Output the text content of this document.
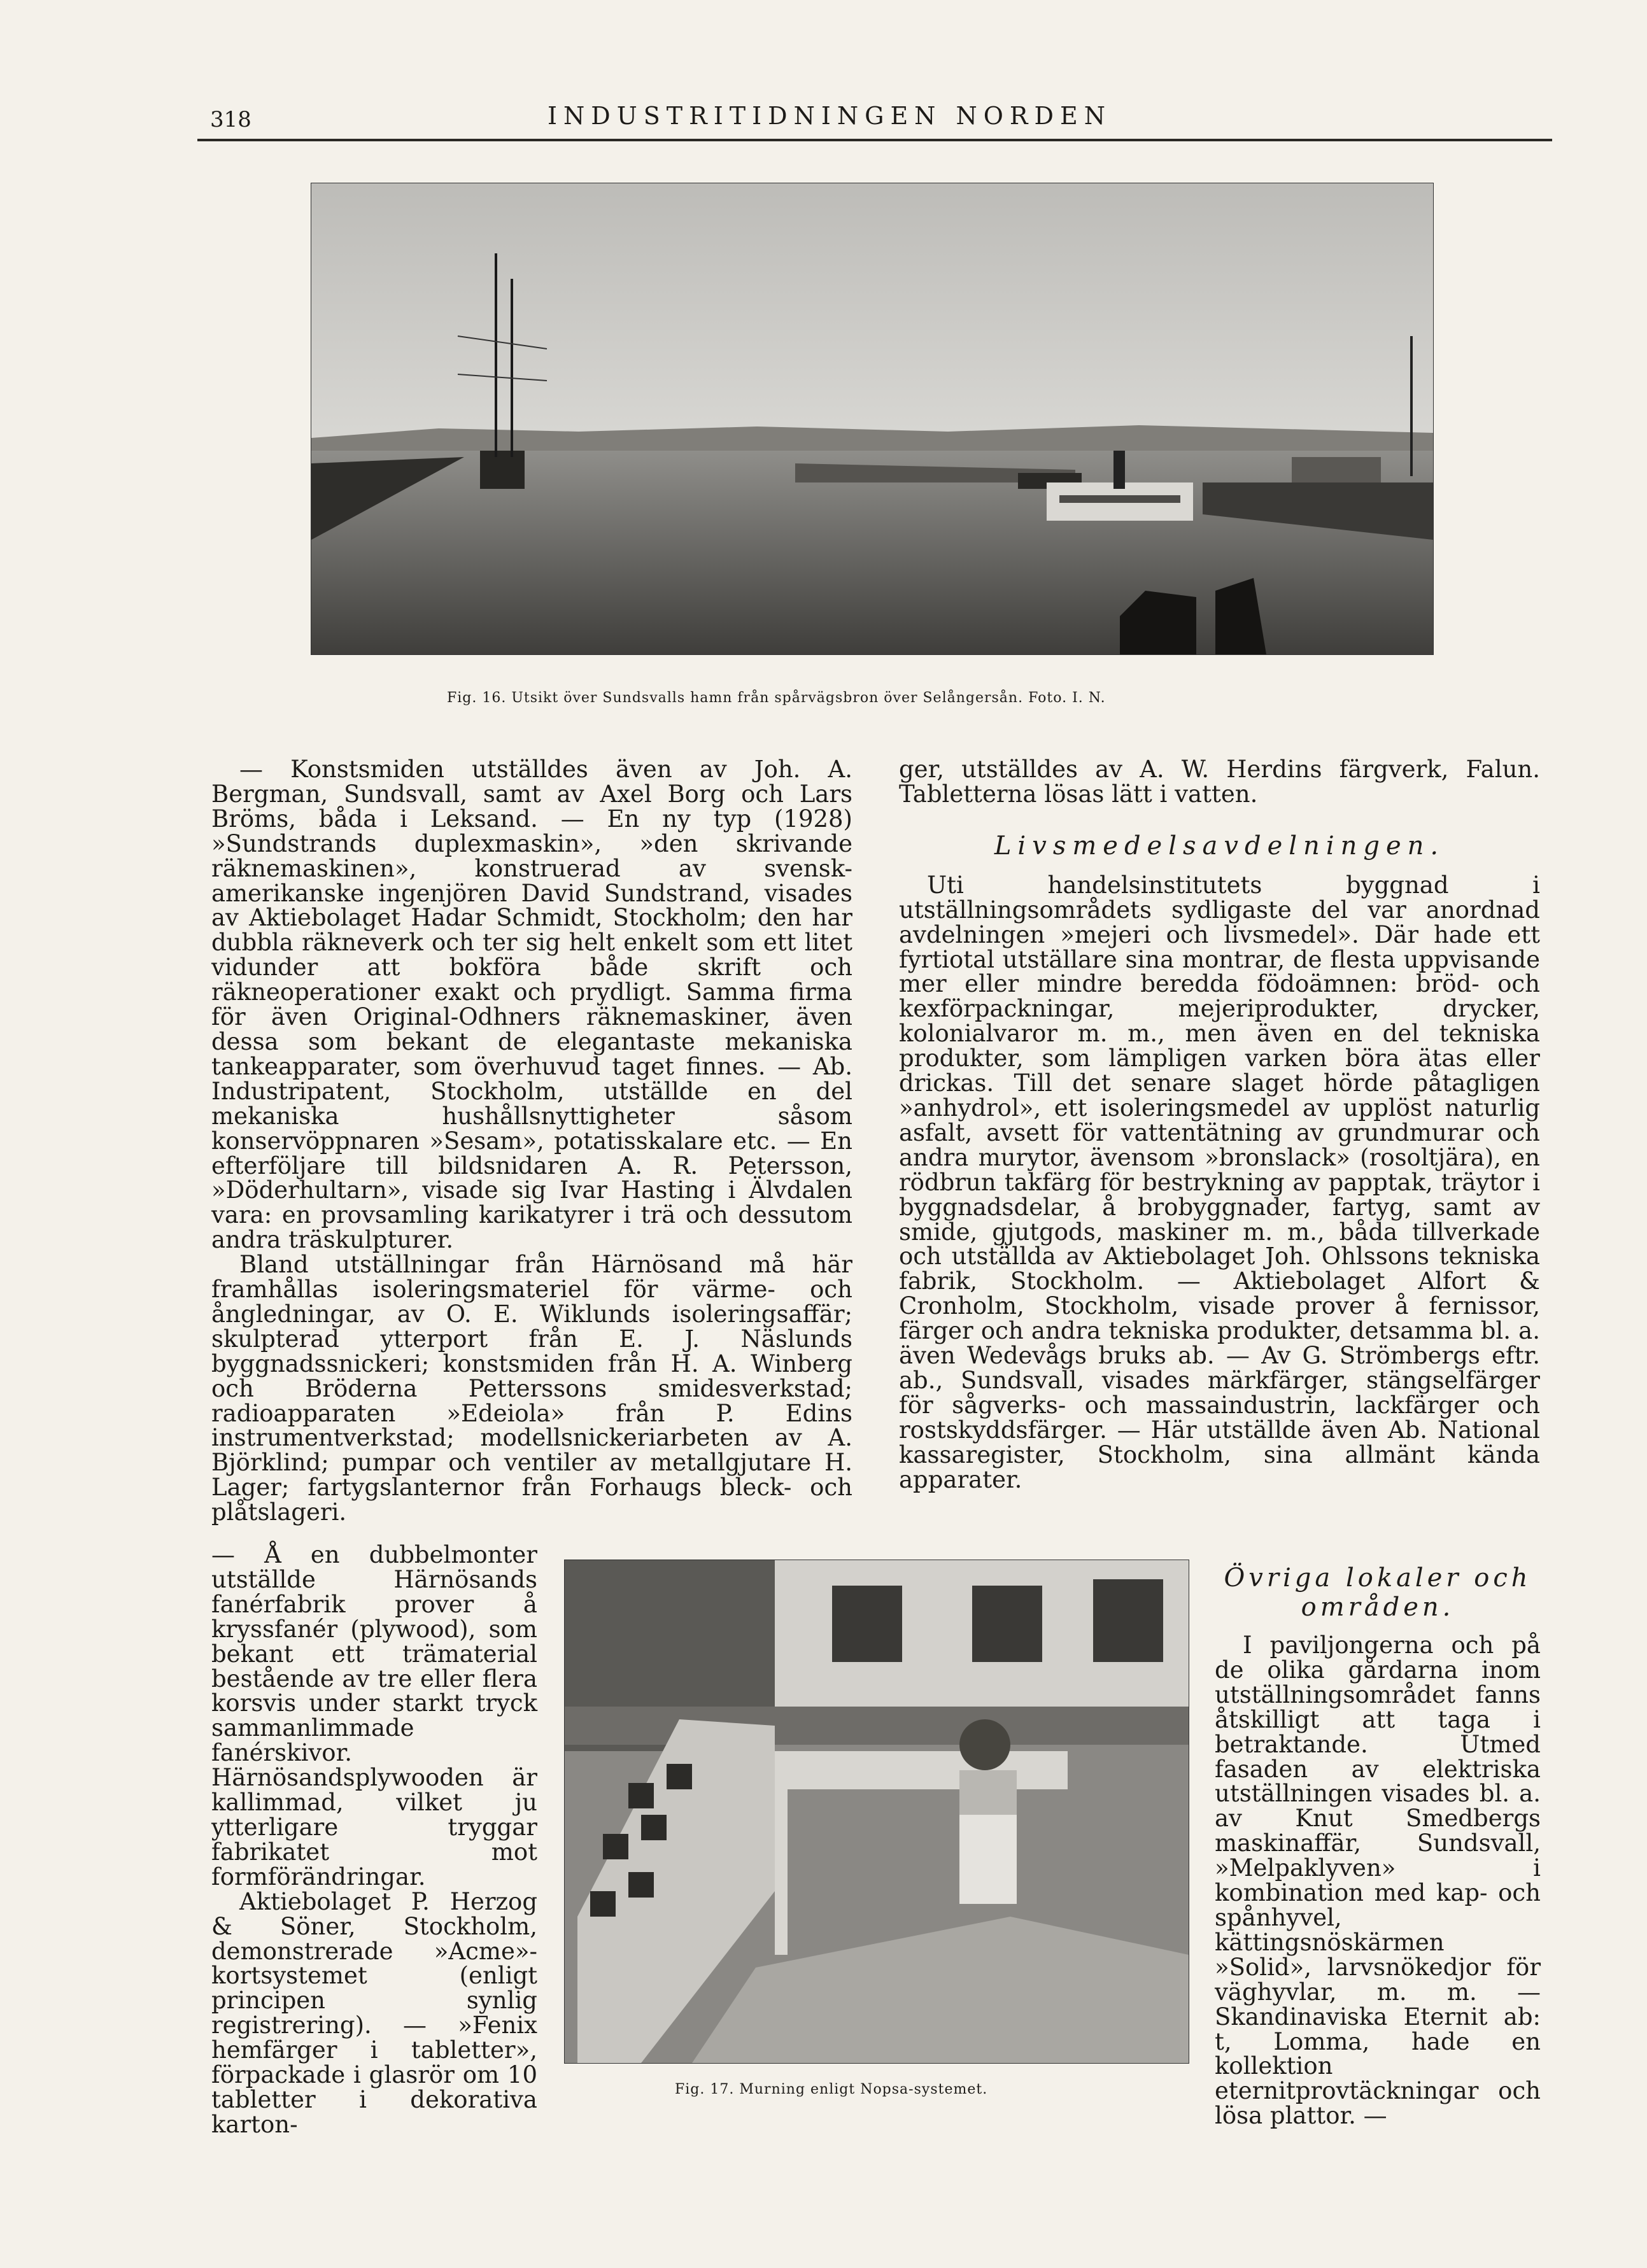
318	INDUSTRITIDNINGEN NORDEN
Fig. 16. Utsikt över Sundsvalls hamn från spårvägsbron över Selångersån. Foto. I. N.

— Konstsmiden utställdes även av Joh. A. Bergman, Sundsvall, samt av Axel Borg och Lars Bröms, båda i Leksand. — En ny typ (1928) »Sundstrands duplexmaskin», »den skrivande räknemaskinen», konstruerad av svensk-amerikanske ingenjören David Sundstrand, visades av Aktiebolaget Hadar Schmidt, Stockholm; den har dubbla räkneverk och ter sig helt enkelt som ett litet vidunder att bokföra både skrift och räkneoperationer exakt och prydligt. Samma firma för även Original-Odhners räknemaskiner, även dessa som bekant de elegantaste mekaniska tankeapparater, som överhuvud taget finnes. — Ab. Industripatent, Stockholm, utställde en del mekaniska hushållsnyttigheter såsom konservöppnaren »Sesam», potatisskalare etc. — En efterföljare till bildsnidaren A. R. Petersson, »Döderhultarn», visade sig Ivar Hasting i Älvdalen vara: en provsamling karikatyrer i trä och dessutom andra träskulpturer.

Bland utställningar från Härnösand må här framhållas isoleringsmateriel för värme- och ångledningar, av O. E. Wiklunds isoleringsaffär; skulpterad ytterport från E. J. Näslunds byggnadssnickeri; konstsmiden från H. A. Winberg och Bröderna Petterssons smidesverkstad; radioapparaten »Edeiola» från P. Edins instrumentverkstad; modellsnickeriarbeten av A. Björklind; pumpar och ventiler av metallgjutare H. Lager; fartygslanternor från Forhaugs bleck- och plåtslageri.

— Å en dubbelmonter utställde Härnösands fanérfabrik prover å kryssfanér (plywood), som bekant ett trämaterial bestående av tre eller flera korsvis under starkt tryck sammanlimmade fanérskivor. Härnösandsplywooden är kallimmad, vilket ju ytterligare tryggar fabrikatet mot formförändringar.

Aktiebolaget P. Herzog & Söner, Stockholm, demonstrerade »Acme»-kortsystemet (enligt principen synlig registrering). — »Fenix hemfärger i tabletter», förpackade i glasrör om 10 tabletter i dekorativa karton-

ger, utställdes av A. W. Herdins färgverk, Falun. Tabletterna lösas lätt i vatten.

Livsmedelsavdelningen.

Uti handelsinstitutets byggnad i utställningsområdets sydligaste del var anordnad avdelningen »mejeri och livsmedel». Där hade ett fyrtiotal utställare sina montrar, de flesta uppvisande mer eller mindre beredda födoämnen: bröd- och kexförpackningar, mejeriprodukter, drycker, kolonialvaror m. m., men även en del tekniska produkter, som lämpligen varken böra ätas eller drickas. Till det senare slaget hörde påtagligen »anhydrol», ett isoleringsmedel av upplöst naturlig asfalt, avsett för vattentätning av grundmurar och andra murytor, ävensom »bronslack» (rosoltjära), en rödbrun takfärg för bestrykning av papptak, träytor i byggnadsdelar, å brobyggnader, fartyg, samt av smide, gjutgods, maskiner m. m., båda tillverkade och utställda av Aktiebolaget Joh. Ohlssons tekniska fabrik, Stockholm. — Aktiebolaget Alfort & Cronholm, Stockholm, visade prover å fernissor, färger och andra tekniska produkter, detsamma bl. a. även Wedevågs bruks ab. — Av G. Strömbergs eftr. ab., Sundsvall, visades märkfärger, stängselfärger för sågverks- och massaindustrin, lackfärger och rostskyddsfärger. — Här utställde även Ab. National kassaregister, Stockholm, sina allmänt kända apparater.

Övriga lokaler och områden.

I paviljongerna och på de olika gårdarna inom utställningsområdet fanns åtskilligt att taga i betraktande. Utmed fasaden av elektriska utställningen visades bl. a. av Knut Smedbergs maskinaffär, Sundsvall, »Melpaklyven» i kombination med kap- och spånhyvel, kättingsnöskärmen »Solid», larvsnökedjor för väghyvlar, m. m. — Skandinaviska Eternit ab: t, Lomma, hade en kollektion eternitprovtäckningar och lösa plattor. —

Fig. 17. Murning enligt Nopsa-systemet.
